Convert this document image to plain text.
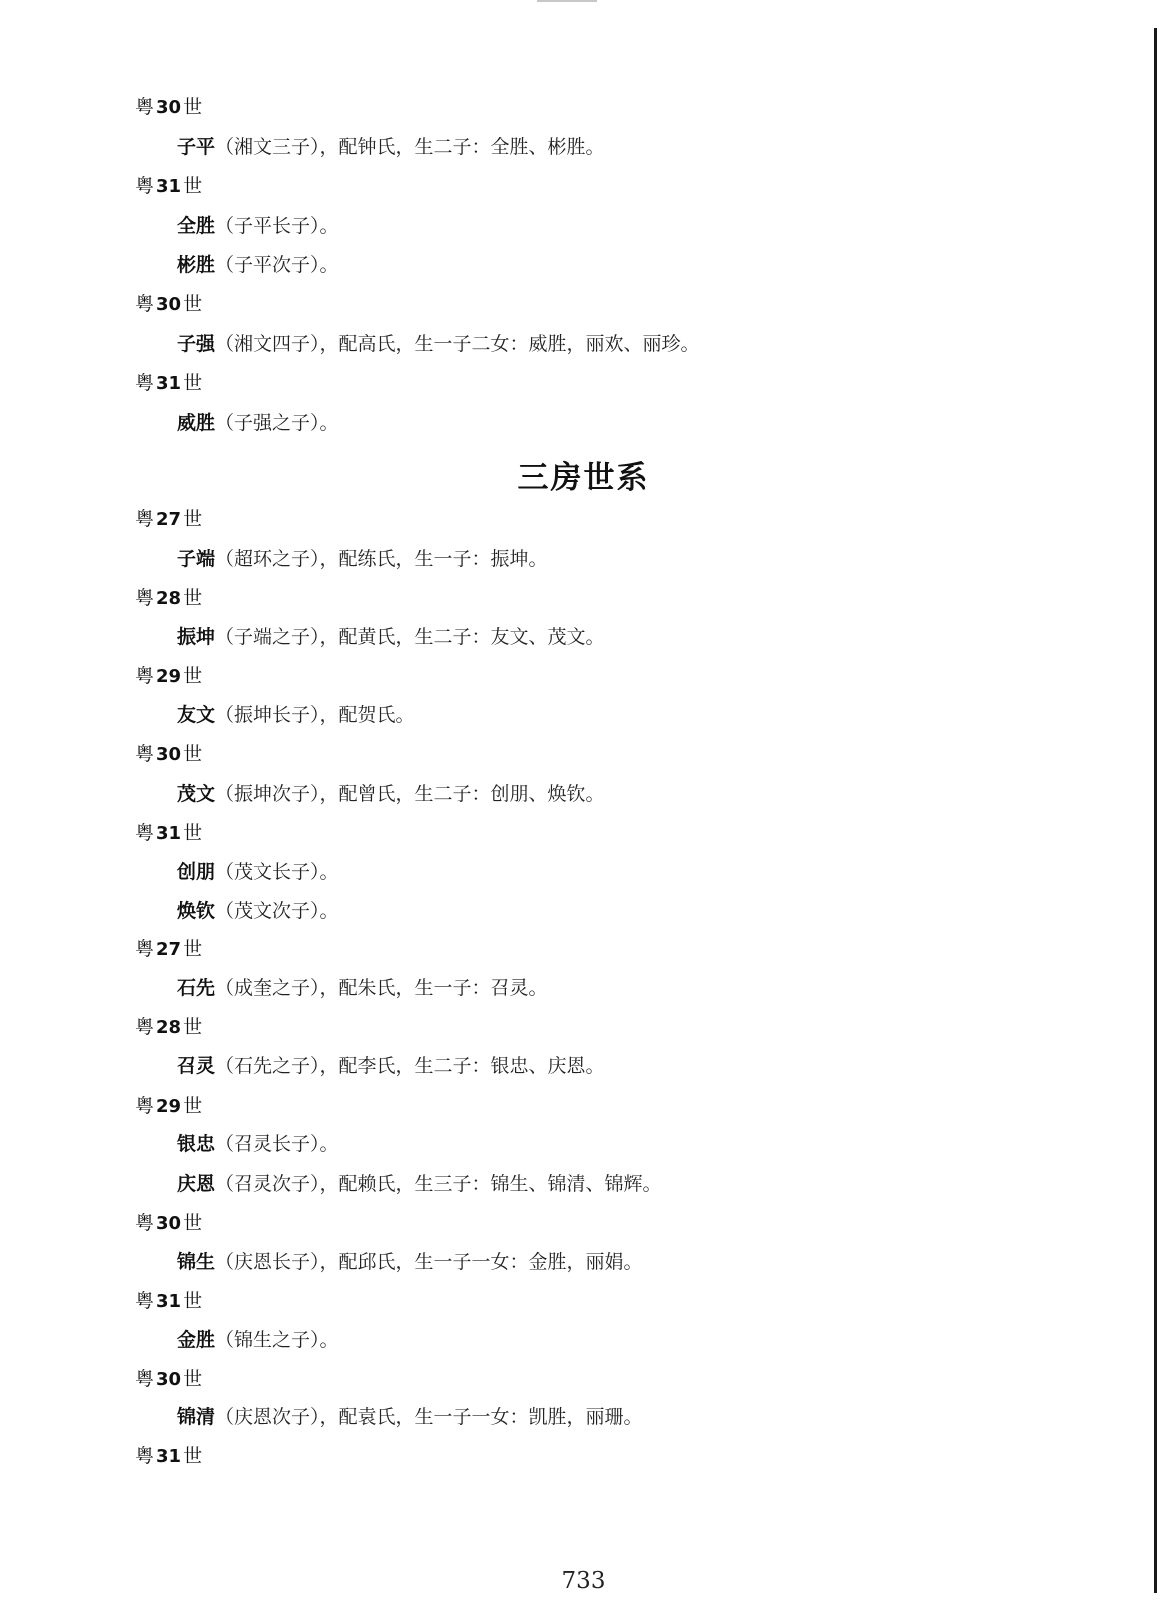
粤 30 世
子平（湘文三子），配钟氏，生二子：全胜、彬胜。
粤 31 世
全胜（子平长子）。
彬胜（子平次子）。
粤 30 世
子强（湘文四子），配高氏，生一子二女：威胜，丽欢、丽珍。
粤 31 世
威胜（子强之子）。
粤 27 世
子端（超环之子），配练氏，生一子：振坤。
粤 28 世
振坤（子端之子），配黄氏，生二子：友文、茂文。
粤 29 世
友文（振坤长子），配贺氏。
粤 30 世
茂文（振坤次子），配曾氏，生二子：创朋、焕钦。
粤 31 世
创朋（茂文长子）。
焕钦（茂文次子）。
粤 27 世
石先（成奎之子），配朱氏，生一子：召灵。
粤 28 世
召灵（石先之子），配李氏，生二子：银忠、庆恩。
粤 29 世
银忠（召灵长子）。
庆恩（召灵次子），配赖氏，生三子：锦生、锦清、锦辉。
粤 30 世
锦生（庆恩长子），配邱氏，生一子一女：金胜，丽娟。
粤 31 世
金胜（锦生之子）。
粤 30 世
锦清（庆恩次子），配袁氏，生一子一女：凯胜，丽珊。
粤 31 世
三房世系
733
